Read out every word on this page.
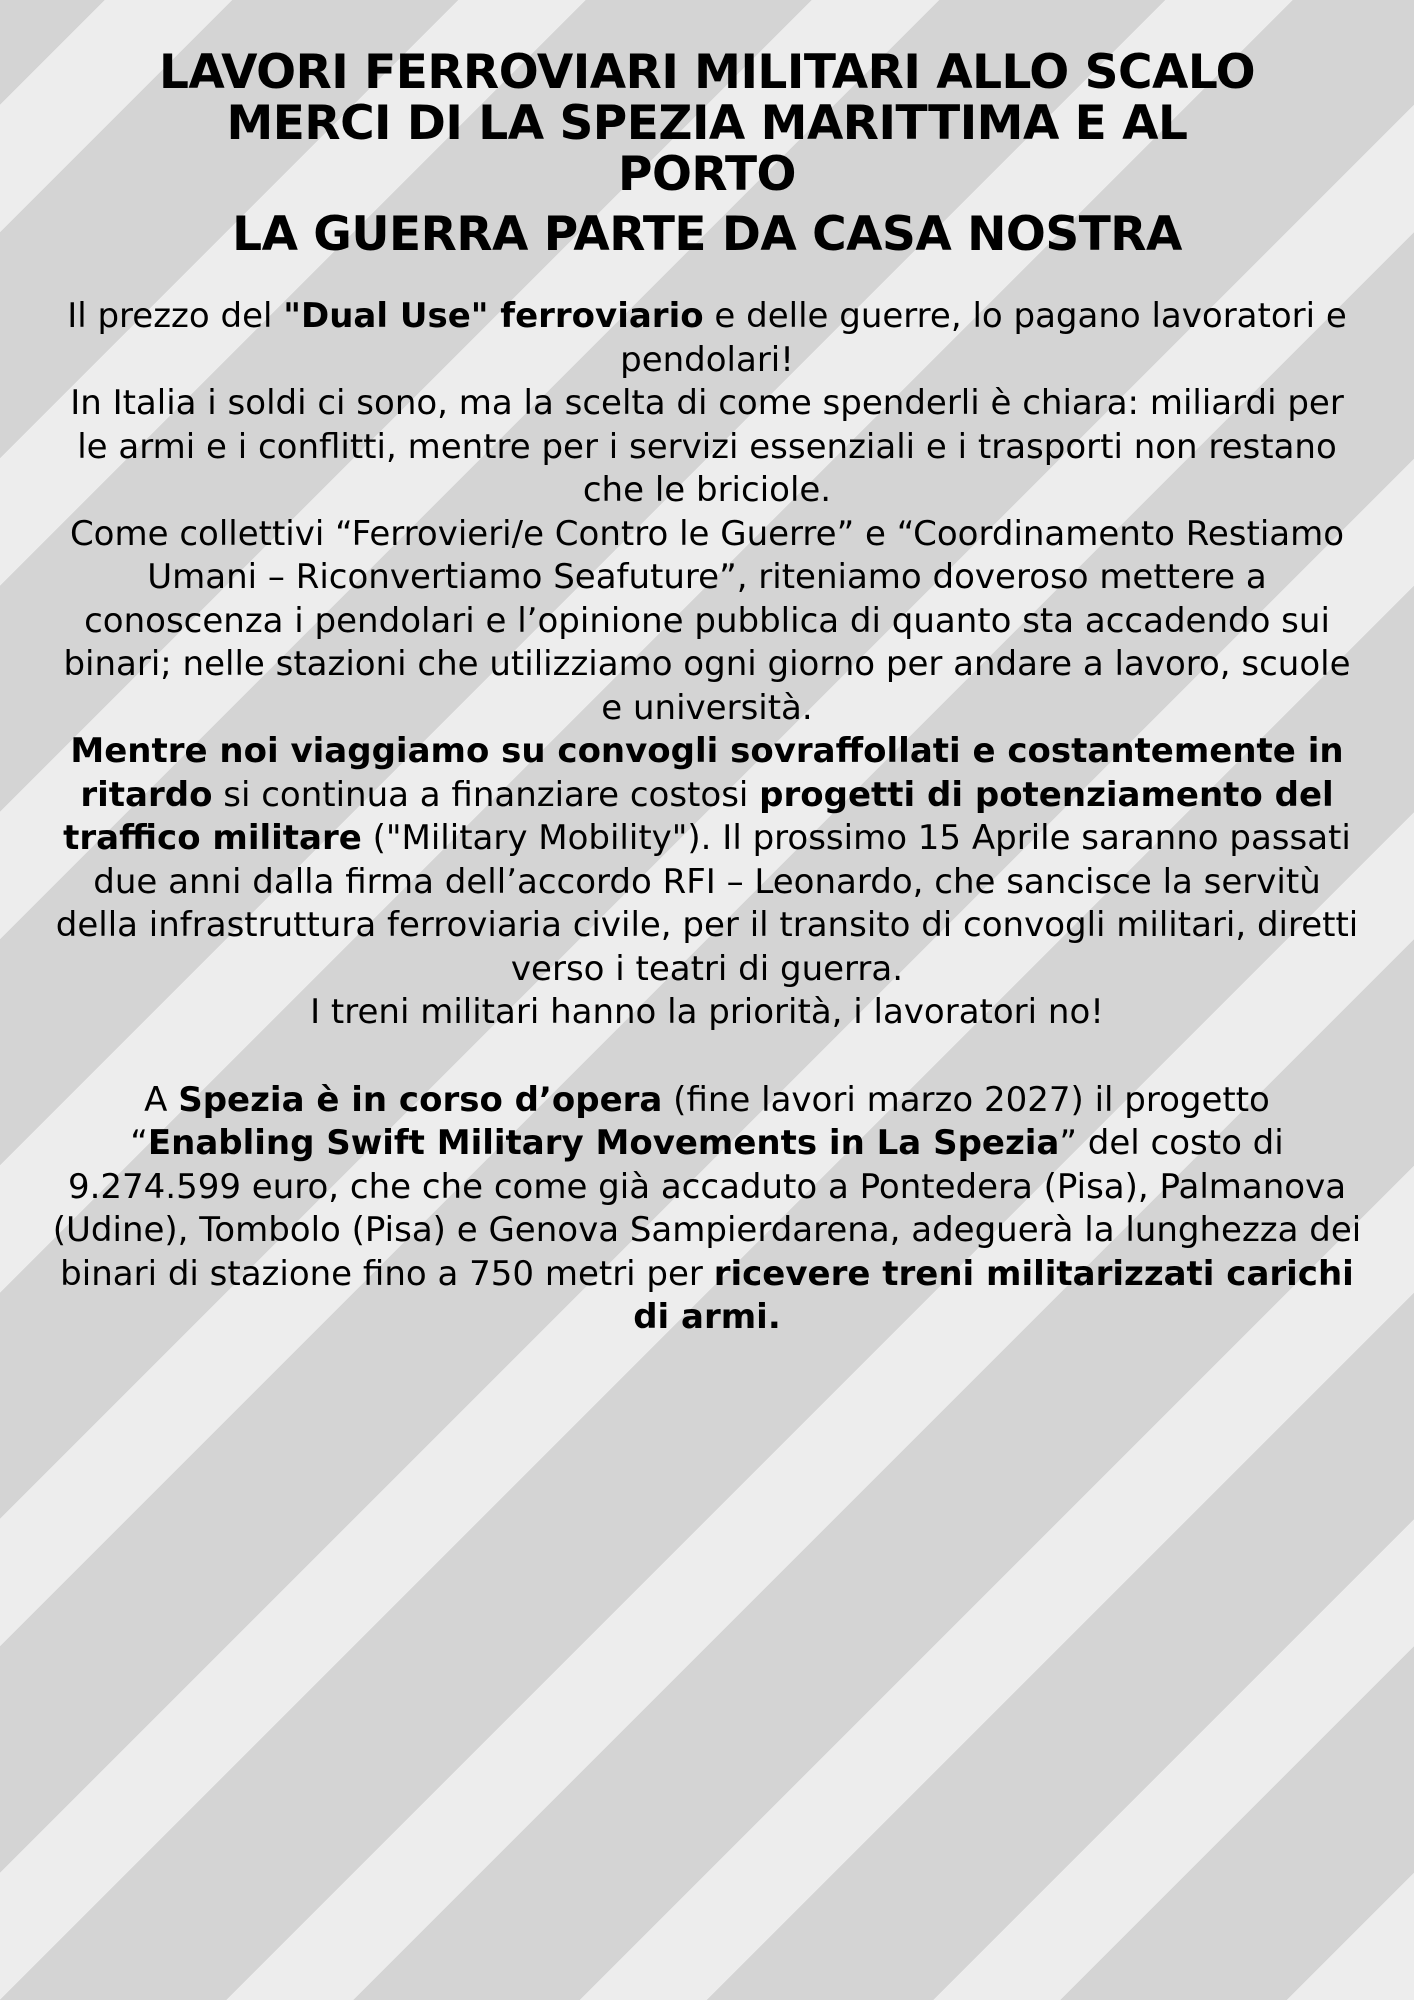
LAVORI FERROVIARI MILITARI ALLO SCALO
MERCI DI LA SPEZIA MARITTIMA E AL
PORTO
LA GUERRA PARTE DA CASA NOSTRA

Il prezzo del "Dual Use" ferroviario e delle guerre, lo pagano lavoratori e pendolari!

In Italia i soldi ci sono, ma la scelta di come spenderli è chiara: miliardi per le armi e i conflitti, mentre per i servizi essenziali e i trasporti non restano che le briciole.

Come collettivi “Ferrovieri/e Contro le Guerre” e “Coordinamento Restiamo Umani – Riconvertiamo Seafuture”, riteniamo doveroso mettere a conoscenza i pendolari e l’opinione pubblica di quanto sta accadendo sui binari; nelle stazioni che utilizziamo ogni giorno per andare a lavoro, scuole e università.

Mentre noi viaggiamo su convogli sovraffollati e costantemente in ritardo si continua a finanziare costosi progetti di potenziamento del traffico militare ("Military Mobility"). Il prossimo 15 Aprile saranno passati due anni dalla firma dell’accordo RFI – Leonardo, che sancisce la servitù della infrastruttura ferroviaria civile, per il transito di convogli militari, diretti verso i teatri di guerra.

I treni militari hanno la priorità, i lavoratori no!

A Spezia è in corso d’opera (fine lavori marzo 2027) il progetto “Enabling Swift Military Movements in La Spezia” del costo di 9.274.599 euro, che che come già accaduto a Pontedera (Pisa), Palmanova (Udine), Tombolo (Pisa) e Genova Sampierdarena, adeguerà la lunghezza dei binari di stazione fino a 750 metri per ricevere treni militarizzati carichi di armi.
